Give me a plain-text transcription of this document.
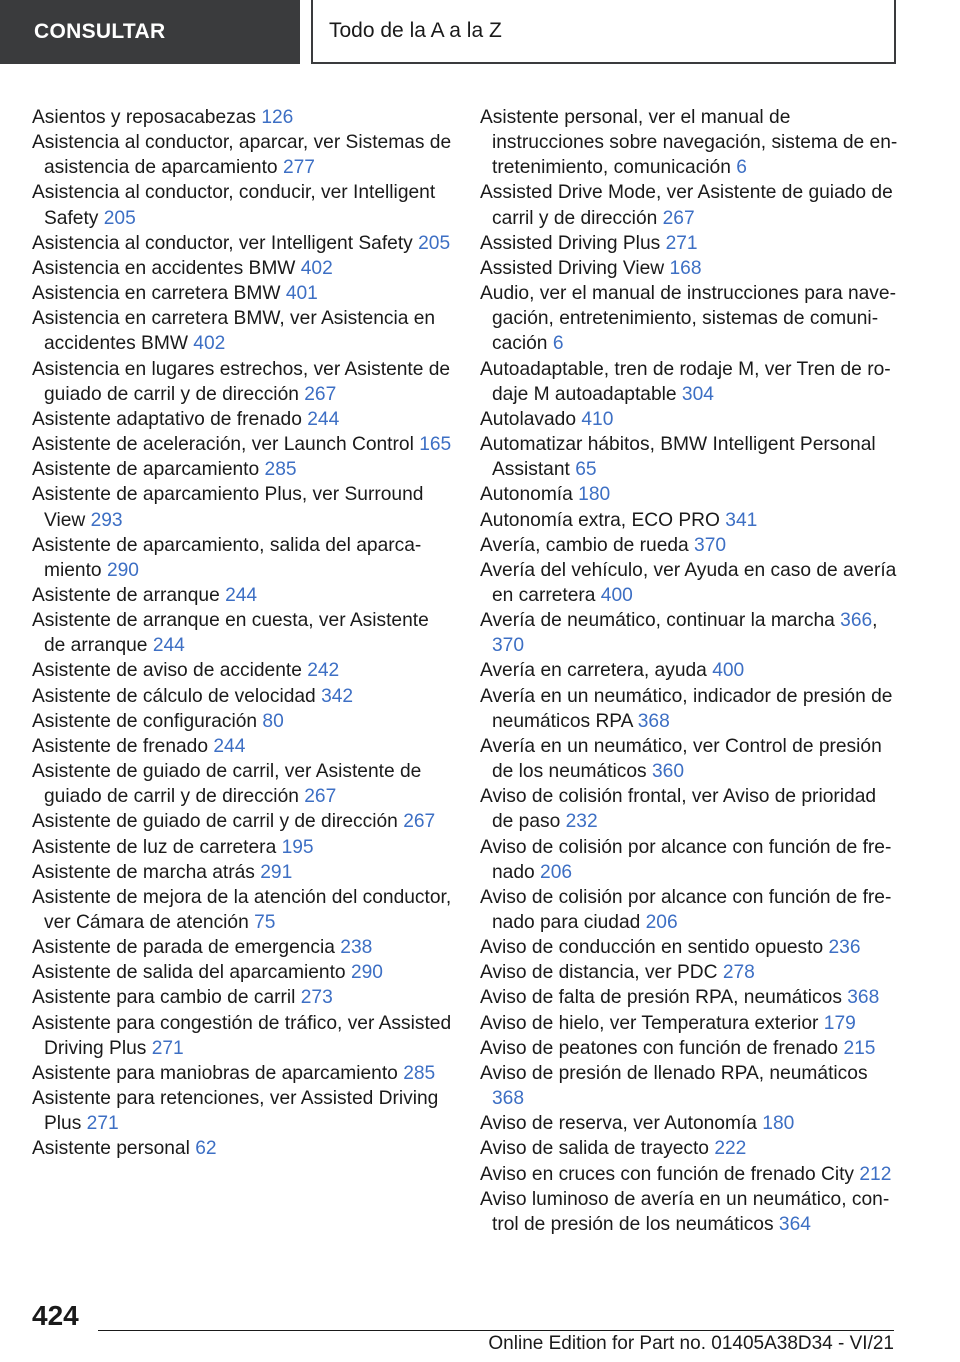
CONSULTAR	Todo de la A a la Z

Asientos y reposacabezas 126

Asistencia al conductor, aparcar, ver Sistemas de asistencia de aparcamiento 277

Asistencia al conductor, conducir, ver Intelligent Safety 205

Asistencia al conductor, ver Intelligent Safety 205

Asistencia en accidentes BMW 402

Asistencia en carretera BMW 401

Asistencia en carretera BMW, ver Asistencia en accidentes BMW 402

Asistencia en lugares estrechos, ver Asistente de guiado de carril y de dirección 267

Asistente adaptativo de frenado 244

Asistente de aceleración, ver Launch Control 165

Asistente de aparcamiento 285

Asistente de aparcamiento Plus, ver Surround View 293

Asistente de aparcamiento, salida del aparcamiento 290

Asistente de arranque 244

Asistente de arranque en cuesta, ver Asistente de arranque 244

Asistente de aviso de accidente 242

Asistente de cálculo de velocidad 342

Asistente de configuración 80

Asistente de frenado 244

Asistente de guiado de carril, ver Asistente de guiado de carril y de dirección 267

Asistente de guiado de carril y de dirección 267

Asistente de luz de carretera 195

Asistente de marcha atrás 291

Asistente de mejora de la atención del conductor, ver Cámara de atención 75

Asistente de parada de emergencia 238

Asistente de salida del aparcamiento 290

Asistente para cambio de carril 273

Asistente para congestión de tráfico, ver Assisted Driving Plus 271

Asistente para maniobras de aparcamiento 285

Asistente para retenciones, ver Assisted Driving Plus 271

Asistente personal 62

Asistente personal, ver el manual de instrucciones sobre navegación, sistema de entretenimiento, comunicación 6

Assisted Drive Mode, ver Asistente de guiado de carril y de dirección 267

Assisted Driving Plus 271

Assisted Driving View 168

Audio, ver el manual de instrucciones para navegación, entretenimiento, sistemas de comunicación 6

Autoadaptable, tren de rodaje M, ver Tren de rodaje M autoadaptable 304

Autolavado 410

Automatizar hábitos, BMW Intelligent Personal Assistant 65

Autonomía 180

Autonomía extra, ECO PRO 341

Avería, cambio de rueda 370

Avería del vehículo, ver Ayuda en caso de avería en carretera 400

Avería de neumático, continuar la marcha 366, 370

Avería en carretera, ayuda 400

Avería en un neumático, indicador de presión de neumáticos RPA 368

Avería en un neumático, ver Control de presión de los neumáticos 360

Aviso de colisión frontal, ver Aviso de prioridad de paso 232

Aviso de colisión por alcance con función de frenado 206

Aviso de colisión por alcance con función de frenado para ciudad 206

Aviso de conducción en sentido opuesto 236

Aviso de distancia, ver PDC 278

Aviso de falta de presión RPA, neumáticos 368

Aviso de hielo, ver Temperatura exterior 179

Aviso de peatones con función de frenado 215

Aviso de presión de llenado RPA, neumáticos 368

Aviso de reserva, ver Autonomía 180

Aviso de salida de trayecto 222

Aviso en cruces con función de frenado City 212

Aviso luminoso de avería en un neumático, control de presión de los neumáticos 364

424
Online Edition for Part no. 01405A38D34 - VI/21
